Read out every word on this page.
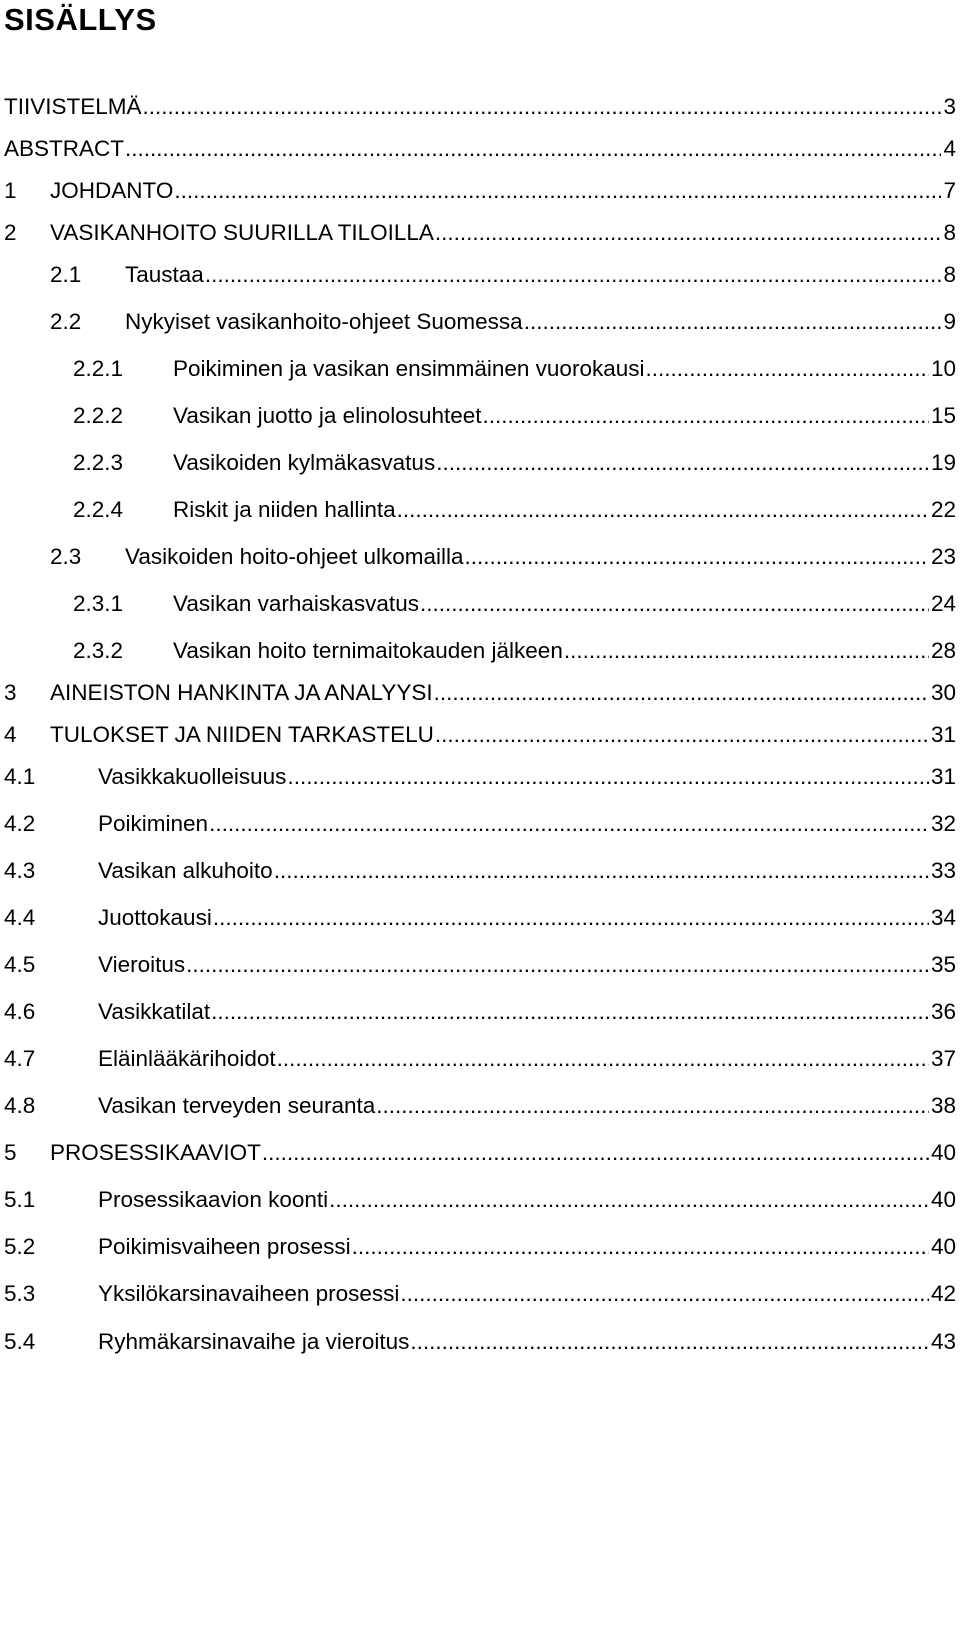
SISÄLLYS
TIIVISTELMÄ .....	3
ABSTRACT .....	4
1	JOHDANTO .....	7
2	VASIKANHOITO SUURILLA TILOILLA .....	8
2.1	Taustaa .....	8
2.2	Nykyiset vasikanhoito-ohjeet Suomessa .....	9
2.2.1	Poikiminen ja vasikan ensimmäinen vuorokausi .....	10
2.2.2	Vasikan juotto ja elinolosuhteet .....	15
2.2.3	Vasikoiden kylmäkasvatus .....	19
2.2.4	Riskit ja niiden hallinta .....	22
2.3	Vasikoiden hoito-ohjeet ulkomailla .....	23
2.3.1	Vasikan varhaiskasvatus .....	24
2.3.2	Vasikan hoito ternimaitokauden jälkeen .....	28
3	AINEISTON HANKINTA JA ANALYYSI .....	30
4	TULOKSET JA NIIDEN TARKASTELU .....	31
4.1	Vasikkakuolleisuus .....	31
4.2	Poikiminen .....	32
4.3	Vasikan alkuhoito .....	33
4.4	Juottokausi .....	34
4.5	Vieroitus .....	35
4.6	Vasikkatilat .....	36
4.7	Eläinlääkärihoidot .....	37
4.8	Vasikan terveyden seuranta .....	38
5	PROSESSIKAAVIOT .....	40
5.1	Prosessikaavion koonti .....	40
5.2	Poikimisvaiheen prosessi .....	40
5.3	Yksilökarsinavaiheen prosessi .....	42
5.4	Ryhmäkarsinavaihe ja vieroitus .....	43
